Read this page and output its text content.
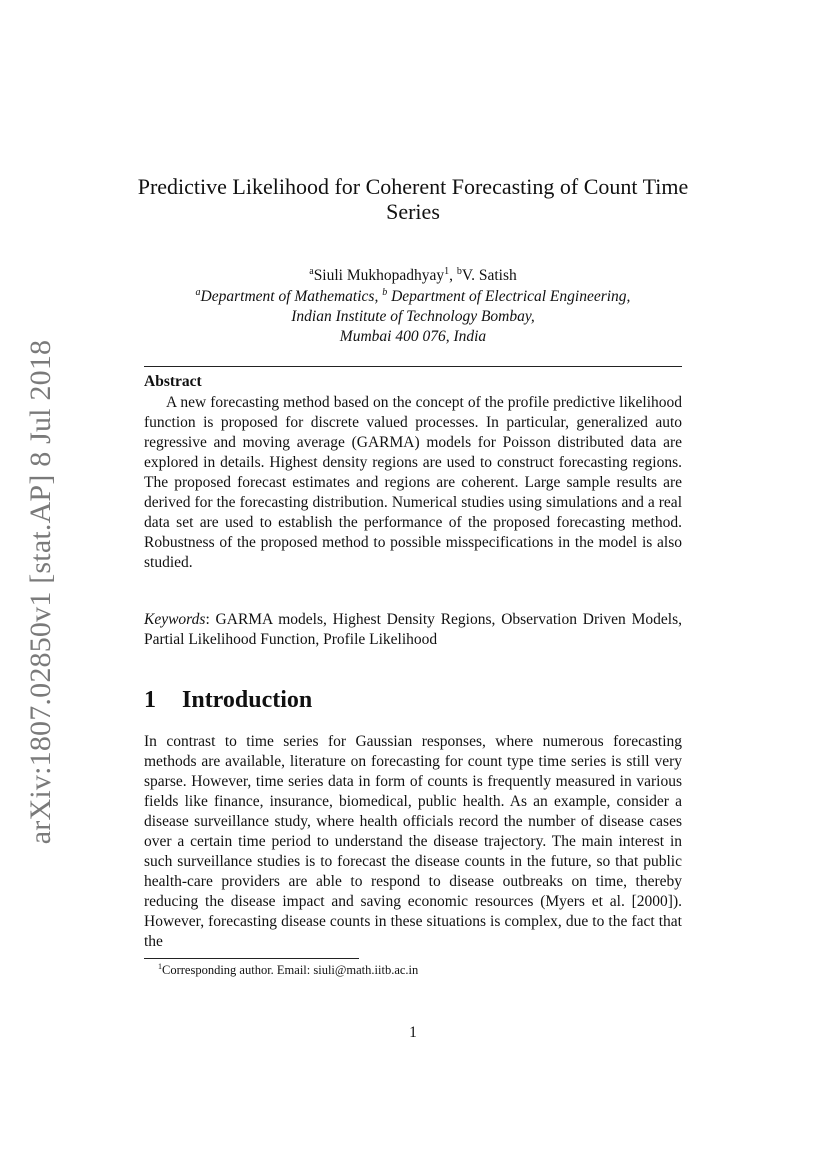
arXiv:1807.02850v1 [stat.AP] 8 Jul 2018
Predictive Likelihood for Coherent Forecasting of Count Time Series
$^a$Siuli Mukhopadhyay$^1$, $^b$V. Satish
$^a$Department of Mathematics, $^b$ Department of Electrical Engineering,
Indian Institute of Technology Bombay,
Mumbai 400 076, India
Abstract

A new forecasting method based on the concept of the profile predictive likelihood function is proposed for discrete valued processes. In particular, generalized auto regressive and moving average (GARMA) models for Poisson distributed data are explored in details. Highest density regions are used to construct forecasting regions. The proposed forecast estimates and regions are coherent. Large sample results are derived for the forecasting distribution. Numerical studies using simulations and a real data set are used to establish the performance of the proposed forecasting method. Robustness of the proposed method to possible misspecifications in the model is also studied.

Keywords: GARMA models, Highest Density Regions, Observation Driven Models, Partial Likelihood Function, Profile Likelihood

1 Introduction

In contrast to time series for Gaussian responses, where numerous forecasting methods are available, literature on forecasting for count type time series is still very sparse. However, time series data in form of counts is frequently measured in various fields like finance, insurance, biomedical, public health. As an example, consider a disease surveillance study, where health officials record the number of disease cases over a certain time period to understand the disease trajectory. The main interest in such surveillance studies is to forecast the disease counts in the future, so that public health-care providers are able to respond to disease outbreaks on time, thereby reducing the disease impact and saving economic resources (Myers et al. [2000]). However, forecasting disease counts in these situations is complex, due to the fact that the

$^1$Corresponding author. Email: siuli@math.iitb.ac.in

1
